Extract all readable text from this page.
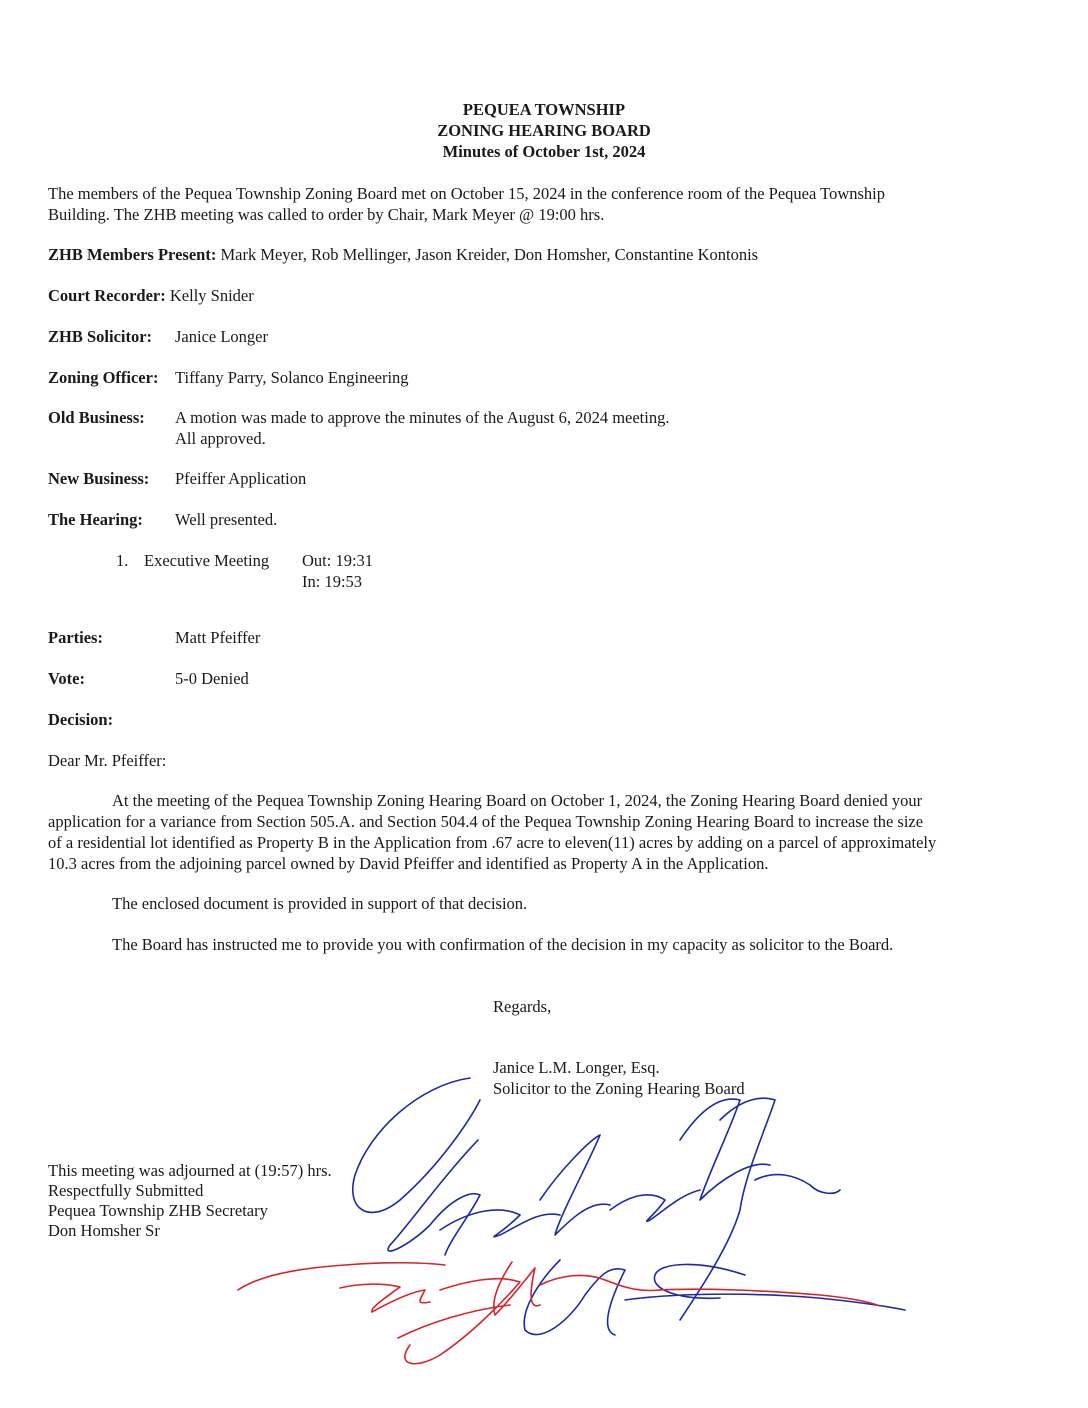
PEQUEA TOWNSHIP
ZONING HEARING BOARD
Minutes of October 1st, 2024
The members of the Pequea Township Zoning Board met on October 15, 2024 in the conference room of the Pequea Township
Building. The ZHB meeting was called to order by Chair, Mark Meyer @ 19:00 hrs.
ZHB Members Present: Mark Meyer, Rob Mellinger, Jason Kreider, Don Homsher, Constantine Kontonis
Court Recorder: Kelly Snider
ZHB Solicitor: Janice Longer
Zoning Officer: Tiffany Parry, Solanco Engineering
Old Business: A motion was made to approve the minutes of the August 6, 2024 meeting.
All approved.
New Business: Pfeiffer Application
The Hearing: Well presented.
1. Executive Meeting Out: 19:31
In: 19:53
Parties:	Matt Pfeiffer
Vote:	5-0 Denied
Decision:
Dear Mr. Pfeiffer:
At the meeting of the Pequea Township Zoning Hearing Board on October 1, 2024, the Zoning Hearing Board denied your
application for a variance from Section 505.A. and Section 504.4 of the Pequea Township Zoning Hearing Board to increase the size
of a residential lot identified as Property B in the Application from .67 acre to eleven(11) acres by adding on a parcel of approximately
10.3 acres from the adjoining parcel owned by David Pfeiffer and identified as Property A in the Application.
The enclosed document is provided in support of that decision.
The Board has instructed me to provide you with confirmation of the decision in my capacity as solicitor to the Board.
Regards,
Janice L.M. Longer, Esq.
Solicitor to the Zoning Hearing Board
This meeting was adjourned at (19:57) hrs.
Respectfully Submitted
Pequea Township ZHB Secretary
Don Homsher Sr
